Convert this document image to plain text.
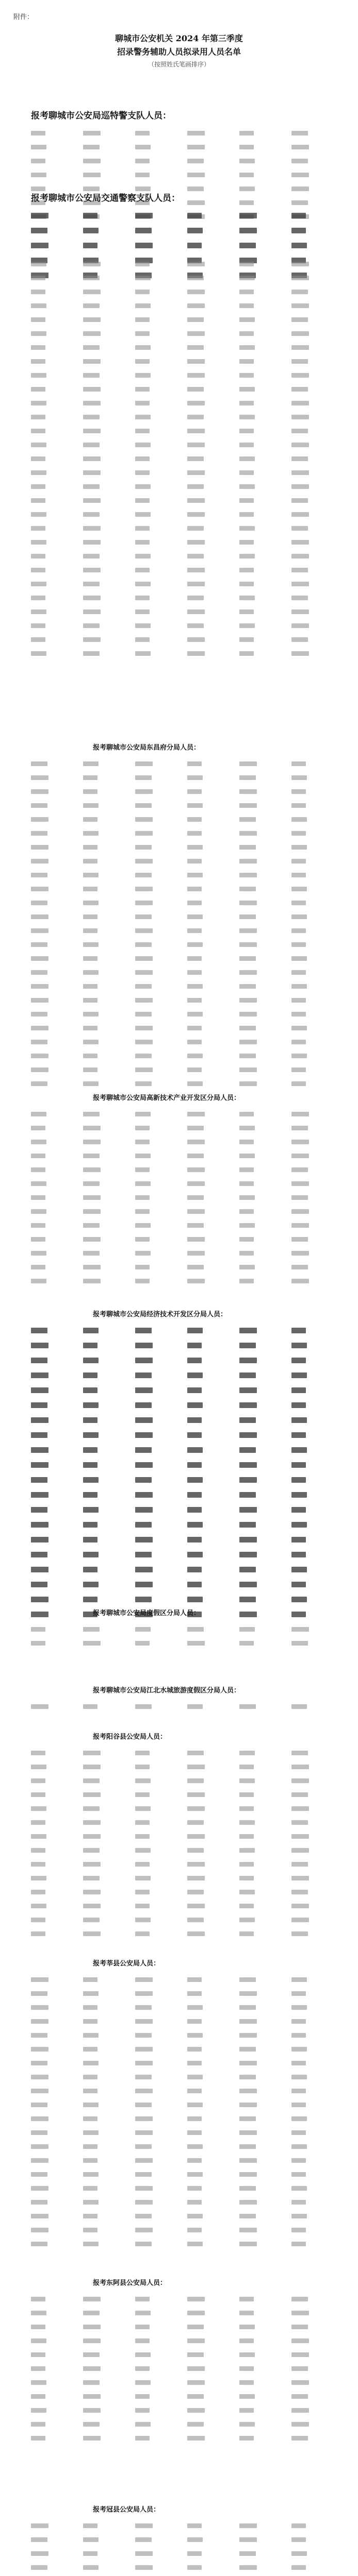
附件：
聊城市公安机关 2024 年第三季度
招录警务辅助人员拟录用人员名单
（按照姓氏笔画排序）
报考聊城市公安局巡特警支队人员：
报考聊城市公安局交通警察支队人员：
报考聊城市公安局东昌府分局人员：
报考聊城市公安局高新技术产业开发区分局人员：
报考聊城市公安局经济技术开发区分局人员：
报考聊城市公安局度假区分局人员：
报考聊城市公安局江北水城旅游度假区分局人员：
报考阳谷县公安局人员：
报考莘县公安局人员：
报考东阿县公安局人员：
报考冠县公安局人员：
